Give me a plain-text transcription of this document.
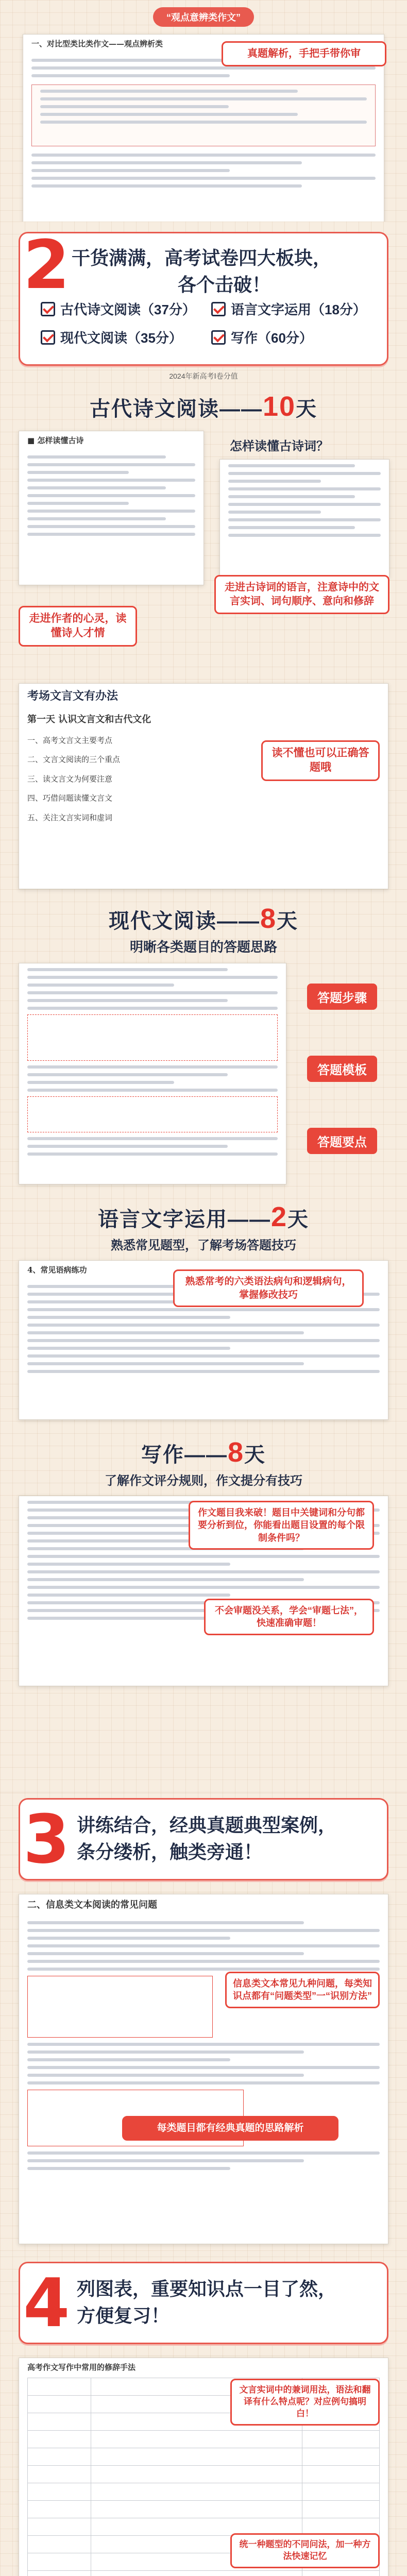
“观点意辨类作文”
一、对比型类比类作文——观点辨析类
真题解析，手把手带你审
2 干货满满，高考试卷四大板块，
各个击破！
古代诗文阅读（37分）	语言文字运用（18分）
现代文阅读（35分）	写作（60分）
2024年新高考Ⅰ卷分值
古代诗文阅读——10天
■ 怎样读懂古诗	怎样读懂古诗词？
走进作者的心灵，读懂诗人才情
走进古诗词的语言，注意诗中的文言实词、词句顺序、意向和修辞
考场文言文有办法
第一天 认识文言文和古代文化
一、高考文言文主要考点
二、文言文阅读的三个重点
三、读文言文为何要注意
四、巧借问题读懂文言文
五、关注文言实词和虚词
读不懂也可以正确答题哦
现代文阅读——8天
明晰各类题目的答题思路
答题步骤
答题模板
答题要点
语言文字运用——2天
熟悉常见题型，了解考场答题技巧
4、常见语病练功
熟悉常考的六类语法病句和逻辑病句，掌握修改技巧
写作——8天
了解作文评分规则，作文提分有技巧
作文题目我来破！题目中关键词和分句都要分析到位，你能看出题目设置的每个限制条件吗？
不会审题没关系，学会“审题七法”，快速准确审题！
3 讲练结合，经典真题典型案例，
条分缕析，触类旁通！
二、信息类文本阅读的常见问题
信息类文本常见九种问题，每类知识点都有“问题类型”一“识别方法”
每类题目都有经典真题的思路解析
4 列图表，重要知识点一目了然，
方便复习！
高考作文写作中常用的修辞手法

文言实词中的兼词用法，语法和翻译有什么特点呢？对应例句搞明白！
统一种题型的不同问法，加一种方法快速记忆
